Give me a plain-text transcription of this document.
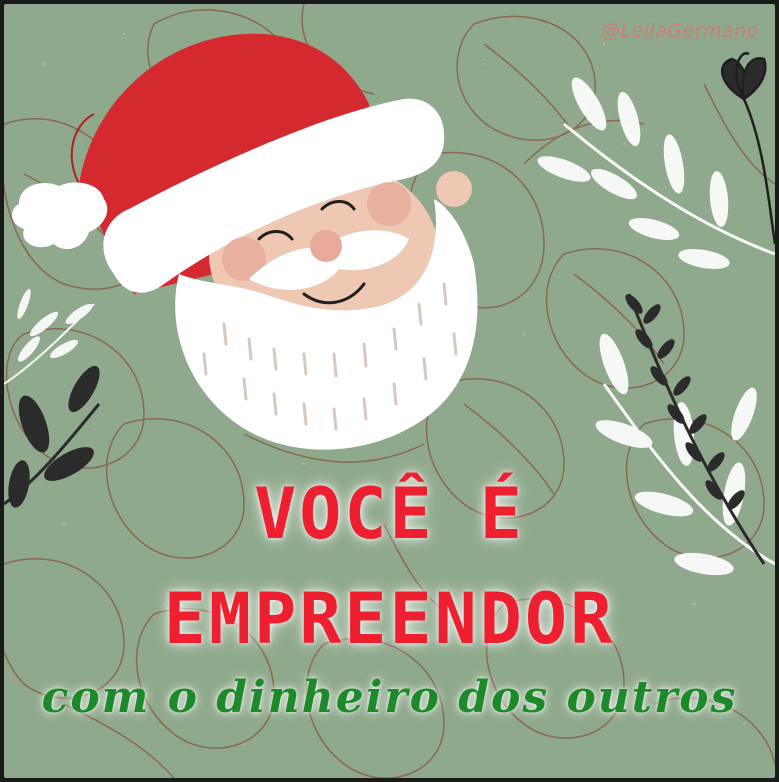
@LeilaGermano
VOCÊ É
EMPREENDOR
com o dinheiro dos outros
